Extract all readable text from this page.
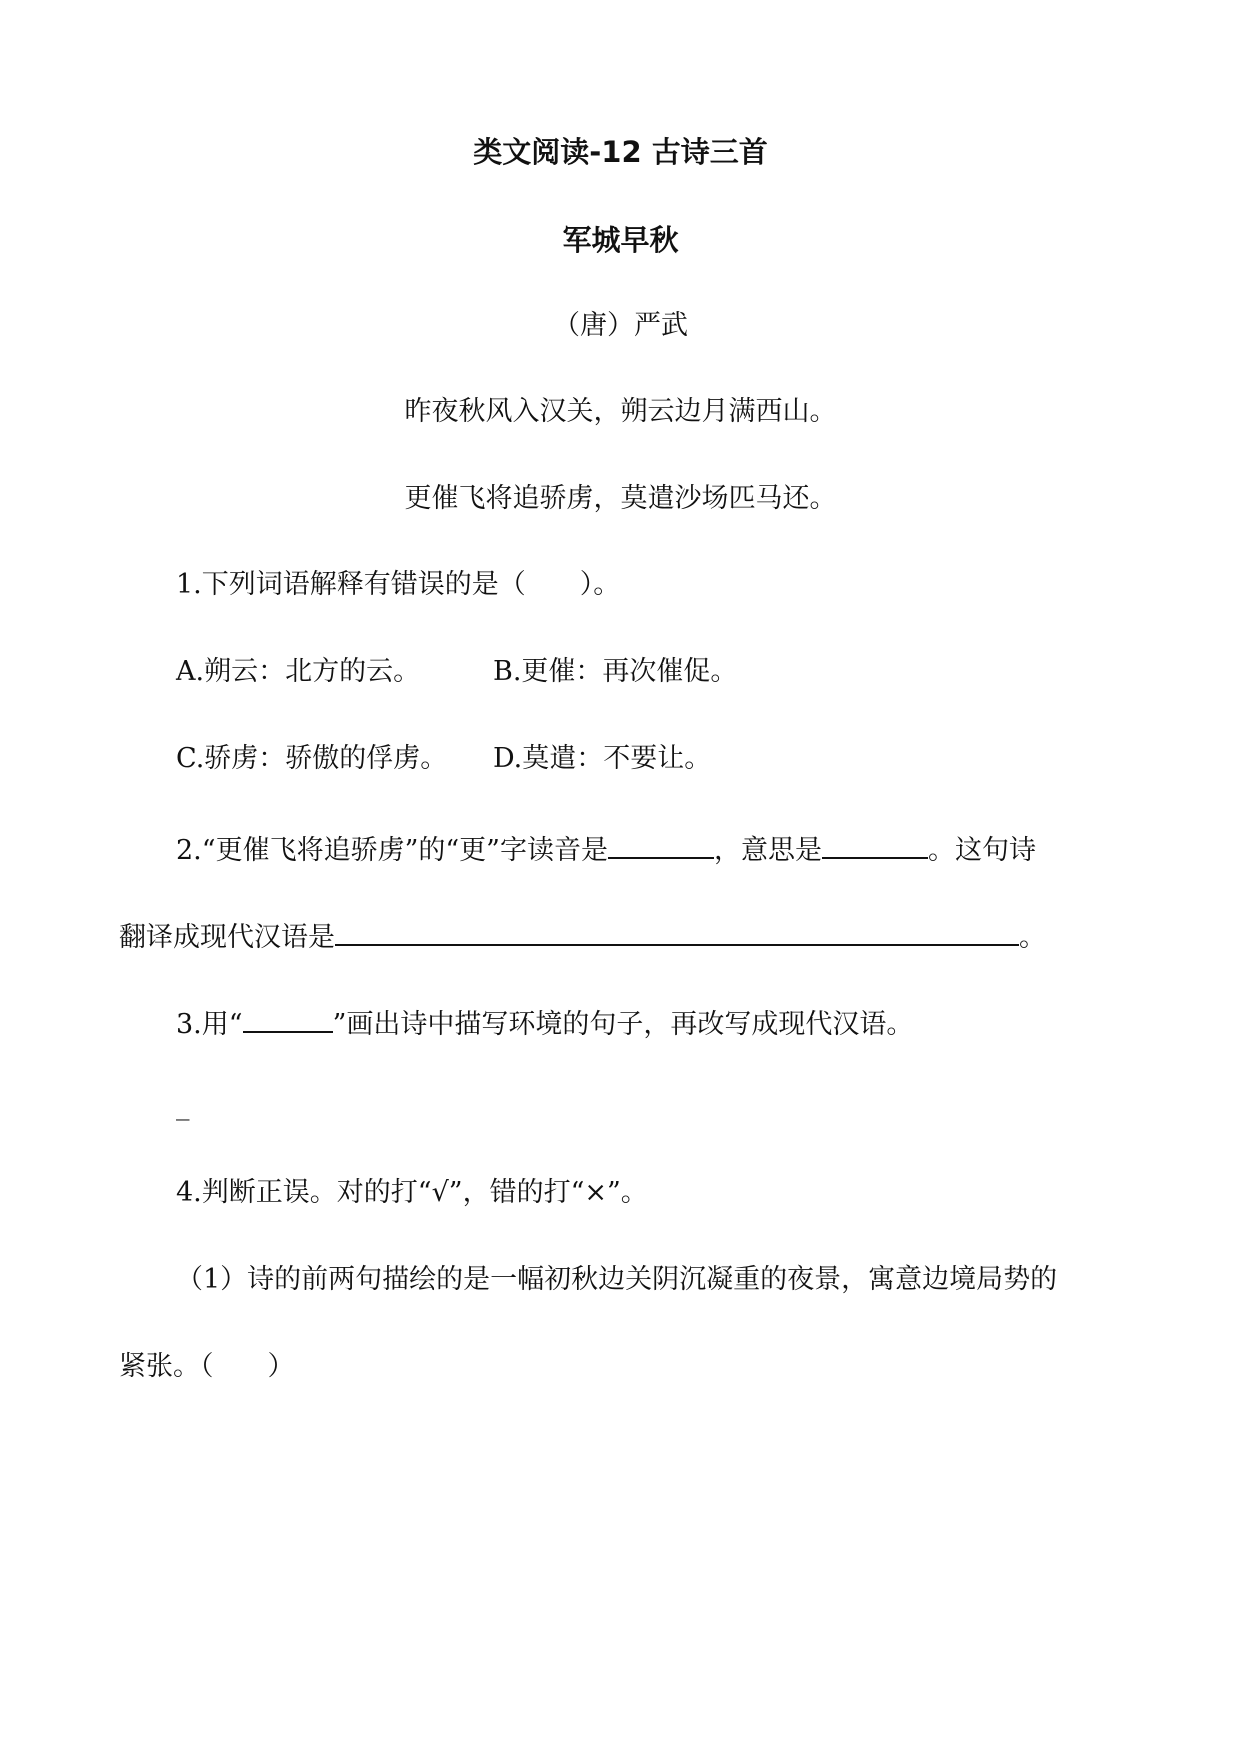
类文阅读-12 古诗三首
军城早秋
（唐）严武
昨夜秋风入汉关，朔云边月满西山。
更催飞将追骄虏，莫遣沙场匹马还。
1.下列词语解释有错误的是（ ）。
A.朔云：北方的云。	B.更催：再次催促。
C.骄虏：骄傲的俘虏。 D.莫遣：不要让。
2.“更催飞将追骄虏”的“更”字读音是	，意思是	。这句诗
翻译成现代汉语是	。
3.用“	”画出诗中描写环境的句子，再改写成现代汉语。
_
4.判断正误。对的打“√”，错的打“×”。
（1）诗的前两句描绘的是一幅初秋边关阴沉凝重的夜景，寓意边境局势的
紧张。（ ）
